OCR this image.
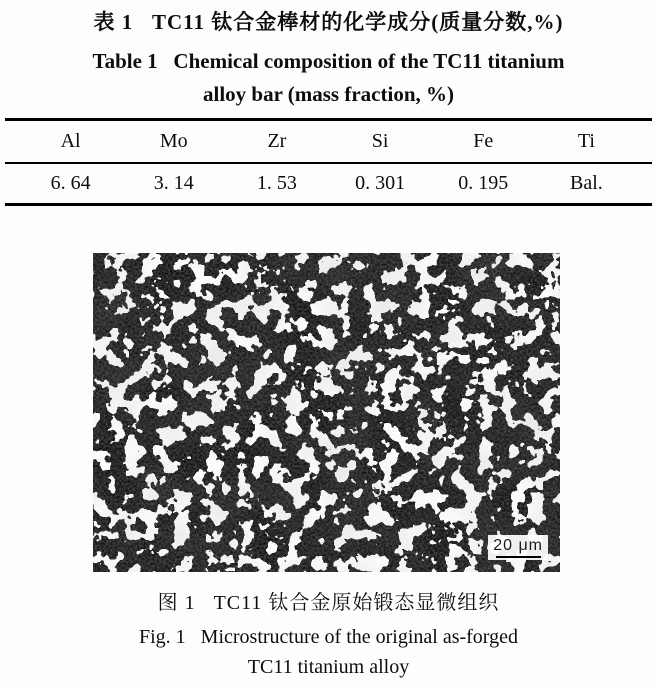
表 1   TC11 钛合金棒材的化学成分(质量分数,%)
Table 1   Chemical composition of the TC11 titanium
alloy bar (mass fraction, %)
Al	Mo	Zr	Si	Fe	Ti
6. 64	3. 14	1. 53	0. 301	0. 195	Bal.
20 μm
图 1   TC11 钛合金原始锻态显微组织
Fig. 1   Microstructure of the original as-forged
TC11 titanium alloy
